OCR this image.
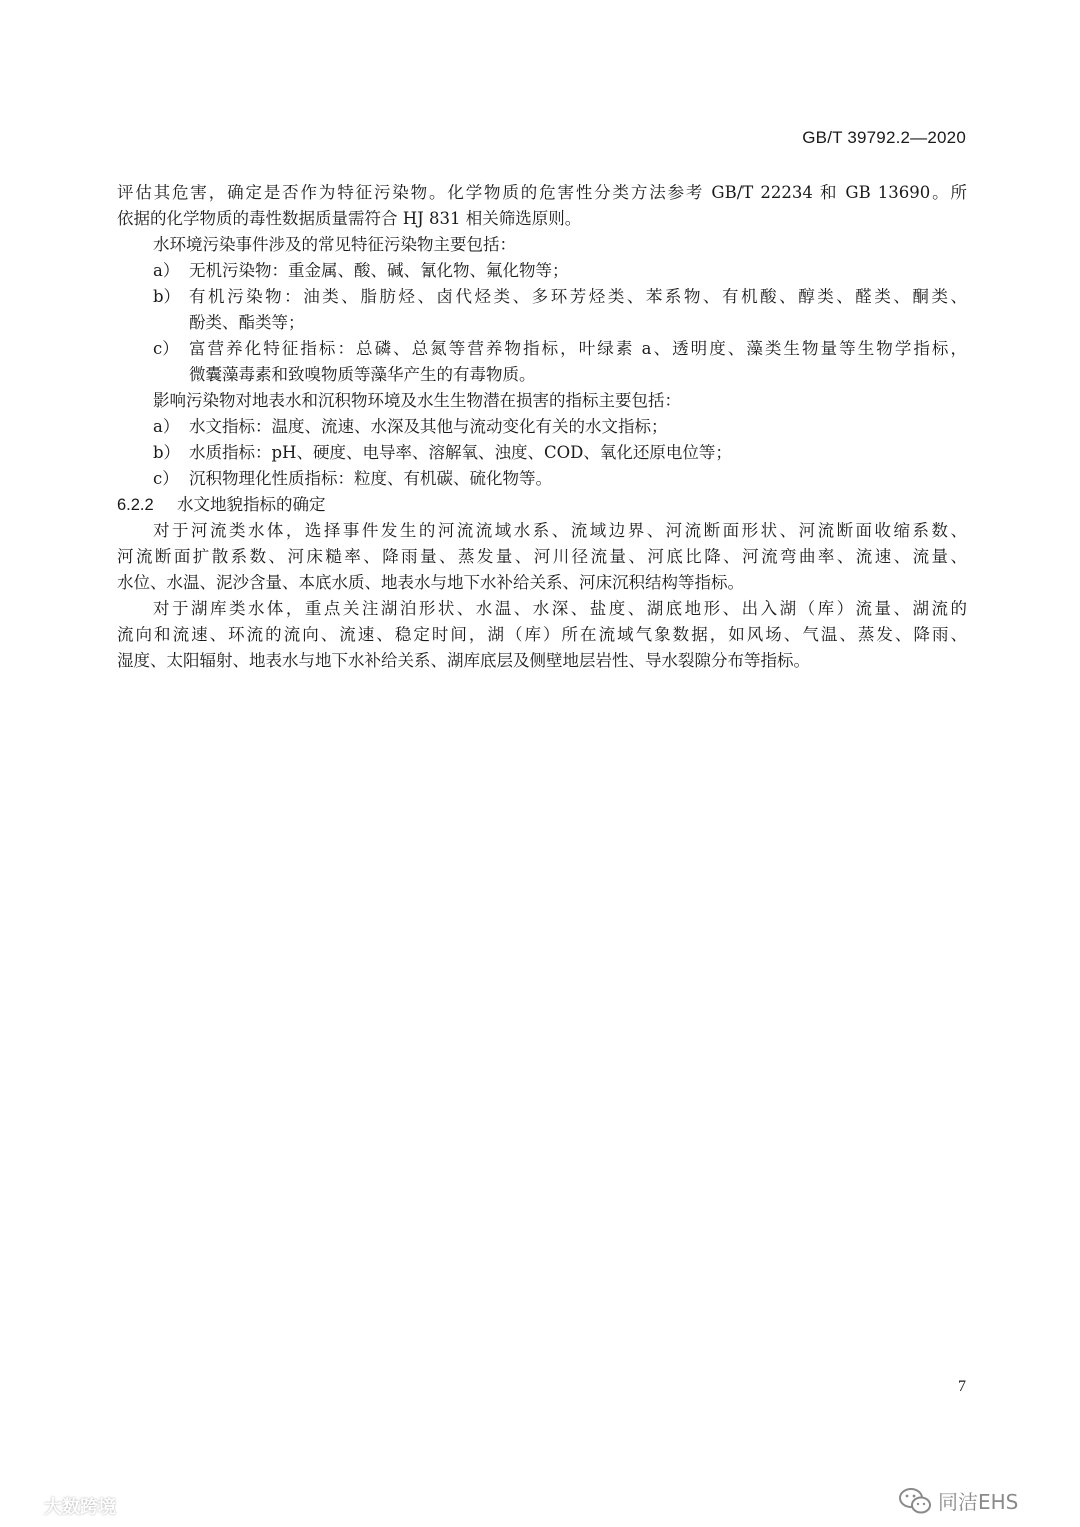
GB/T 39792.2—2020
评估其危害，确定是否作为特征污染物。化学物质的危害性分类方法参考 GB/T 22234 和 GB 13690。所
依据的化学物质的毒性数据质量需符合 HJ 831 相关筛选原则。
水环境污染事件涉及的常见特征污染物主要包括：
a） 无机污染物：重金属、酸、碱、氰化物、氟化物等；
b） 有机污染物：油类、脂肪烃、卤代烃类、多环芳烃类、苯系物、有机酸、醇类、醛类、酮类、
酚类、酯类等；
c） 富营养化特征指标：总磷、总氮等营养物指标，叶绿素 a、透明度、藻类生物量等生物学指标，
微囊藻毒素和致嗅物质等藻华产生的有毒物质。
影响污染物对地表水和沉积物环境及水生生物潜在损害的指标主要包括：
a） 水文指标：温度、流速、水深及其他与流动变化有关的水文指标；
b） 水质指标：pH、硬度、电导率、溶解氧、浊度、COD、氧化还原电位等；
c） 沉积物理化性质指标：粒度、有机碳、硫化物等。
6.2.2	水文地貌指标的确定
对于河流类水体，选择事件发生的河流流域水系、流域边界、河流断面形状、河流断面收缩系数、
河流断面扩散系数、河床糙率、降雨量、蒸发量、河川径流量、河底比降、河流弯曲率、流速、流量、
水位、水温、泥沙含量、本底水质、地表水与地下水补给关系、河床沉积结构等指标。
对于湖库类水体，重点关注湖泊形状、水温、水深、盐度、湖底地形、出入湖（库）流量、湖流的
流向和流速、环流的流向、流速、稳定时间，湖（库）所在流域气象数据，如风场、气温、蒸发、降雨、
湿度、太阳辐射、地表水与地下水补给关系、湖库底层及侧壁地层岩性、导水裂隙分布等指标。
7
大数跨境	同洁EHS
